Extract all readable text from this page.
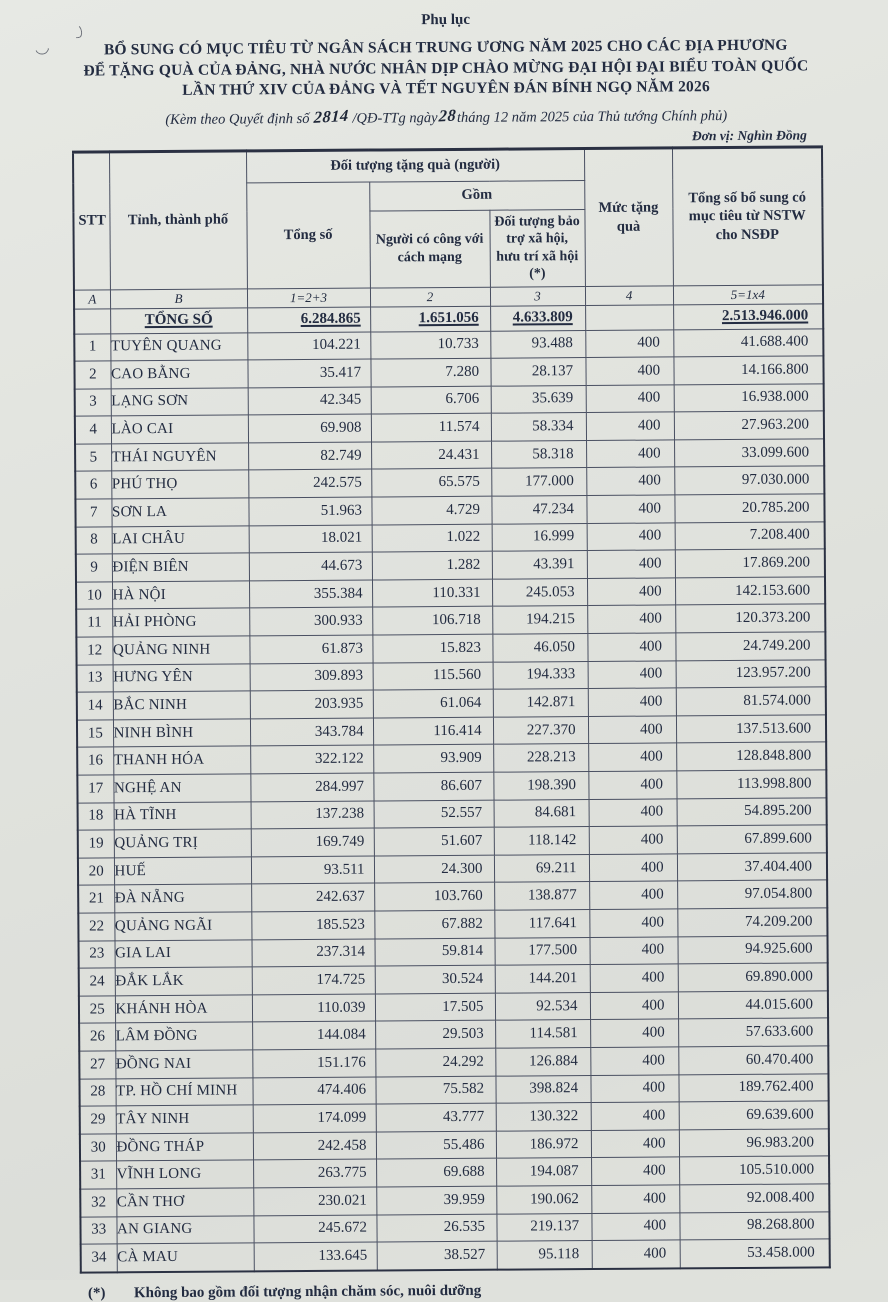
Phụ lục
BỔ SUNG CÓ MỤC TIÊU TỪ NGÂN SÁCH TRUNG ƯƠNG NĂM 2025 CHO CÁC ĐỊA PHƯƠNG
ĐỂ TẶNG QUÀ CỦA ĐẢNG, NHÀ NƯỚC NHÂN DỊP CHÀO MỪNG ĐẠI HỘI ĐẠI BIỂU TOÀN QUỐC
LẦN THỨ XIV CỦA ĐẢNG VÀ TẾT NGUYÊN ĐÁN BÍNH NGỌ NĂM 2026
(Kèm theo Quyết định số 2814 /QĐ-TTg ngày28tháng 12 năm 2025 của Thủ tướng Chính phủ)
Đơn vị: Nghìn Đồng
STT	Tỉnh, thành phố	Đối tượng tặng quà (người)			Mức tặng quà	Tổng số bổ sung có mục tiêu từ NSTW cho NSĐP
		Tổng số	Gồm			
			Người có công với cách mạng	Đối tượng bảo trợ xã hội, hưu trí xã hội (*)		
A	B	1=2+3	2	3	4	5=1x4
	TỔNG SỐ	6.284.865	1.651.056	4.633.809		2.513.946.000
1	TUYÊN QUANG	104.221	10.733	93.488	400	41.688.400
2	CAO BẰNG	35.417	7.280	28.137	400	14.166.800
3	LẠNG SƠN	42.345	6.706	35.639	400	16.938.000
4	LÀO CAI	69.908	11.574	58.334	400	27.963.200
5	THÁI NGUYÊN	82.749	24.431	58.318	400	33.099.600
6	PHÚ THỌ	242.575	65.575	177.000	400	97.030.000
7	SƠN LA	51.963	4.729	47.234	400	20.785.200
8	LAI CHÂU	18.021	1.022	16.999	400	7.208.400
9	ĐIỆN BIÊN	44.673	1.282	43.391	400	17.869.200
10	HÀ NỘI	355.384	110.331	245.053	400	142.153.600
11	HẢI PHÒNG	300.933	106.718	194.215	400	120.373.200
12	QUẢNG NINH	61.873	15.823	46.050	400	24.749.200
13	HƯNG YÊN	309.893	115.560	194.333	400	123.957.200
14	BẮC NINH	203.935	61.064	142.871	400	81.574.000
15	NINH BÌNH	343.784	116.414	227.370	400	137.513.600
16	THANH HÓA	322.122	93.909	228.213	400	128.848.800
17	NGHỆ AN	284.997	86.607	198.390	400	113.998.800
18	HÀ TĨNH	137.238	52.557	84.681	400	54.895.200
19	QUẢNG TRỊ	169.749	51.607	118.142	400	67.899.600
20	HUẾ	93.511	24.300	69.211	400	37.404.400
21	ĐÀ NẴNG	242.637	103.760	138.877	400	97.054.800
22	QUẢNG NGÃI	185.523	67.882	117.641	400	74.209.200
23	GIA LAI	237.314	59.814	177.500	400	94.925.600
24	ĐẮK LẮK	174.725	30.524	144.201	400	69.890.000
25	KHÁNH HÒA	110.039	17.505	92.534	400	44.015.600
26	LÂM ĐỒNG	144.084	29.503	114.581	400	57.633.600
27	ĐỒNG NAI	151.176	24.292	126.884	400	60.470.400
28	TP. HỒ CHÍ MINH	474.406	75.582	398.824	400	189.762.400
29	TÂY NINH	174.099	43.777	130.322	400	69.639.600
30	ĐỒNG THÁP	242.458	55.486	186.972	400	96.983.200
31	VĨNH LONG	263.775	69.688	194.087	400	105.510.000
32	CẦN THƠ	230.021	39.959	190.062	400	92.008.400
33	AN GIANG	245.672	26.535	219.137	400	98.268.800
34	CÀ MAU	133.645	38.527	95.118	400	53.458.000
(*)	Không bao gồm đối tượng nhận chăm sóc, nuôi dưỡng
